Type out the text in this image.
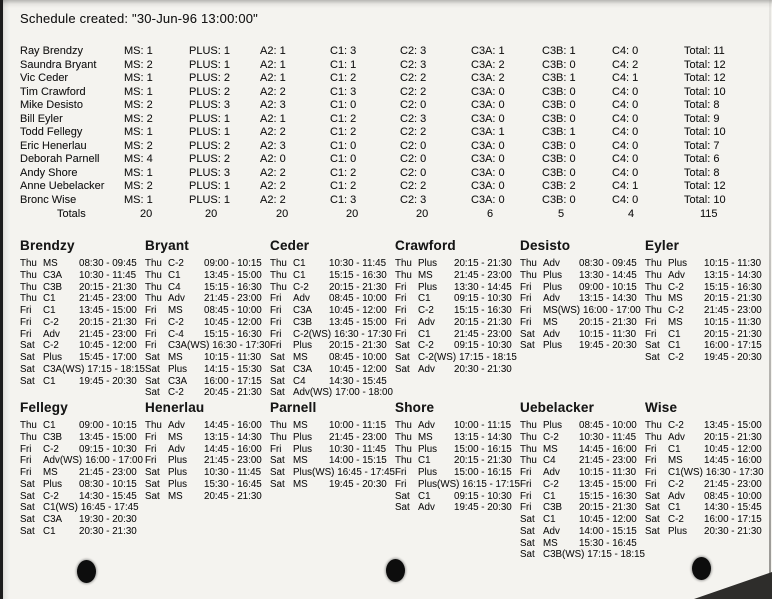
Schedule created: "30-Jun-96 13:00:00"
Ray Brendzy	MS: 1	PLUS: 1	A2: 1	C1: 3	C2: 3	C3A: 1	C3B: 1	C4: 0	Total: 11
Saundra Bryant	MS: 2	PLUS: 1	A2: 1	C1: 1	C2: 3	C3A: 2	C3B: 0	C4: 2	Total: 12
Vic Ceder	MS: 1	PLUS: 2	A2: 1	C1: 2	C2: 2	C3A: 2	C3B: 1	C4: 1	Total: 12
Tim Crawford	MS: 1	PLUS: 2	A2: 2	C1: 3	C2: 2	C3A: 0	C3B: 0	C4: 0	Total: 10
Mike Desisto	MS: 2	PLUS: 3	A2: 3	C1: 0	C2: 0	C3A: 0	C3B: 0	C4: 0	Total: 8
Bill Eyler	MS: 2	PLUS: 1	A2: 1	C1: 2	C2: 3	C3A: 0	C3B: 0	C4: 0	Total: 9
Todd Fellegy	MS: 1	PLUS: 1	A2: 2	C1: 2	C2: 2	C3A: 1	C3B: 1	C4: 0	Total: 10
Eric Henerlau	MS: 2	PLUS: 2	A2: 3	C1: 0	C2: 0	C3A: 0	C3B: 0	C4: 0	Total: 7
Deborah Parnell	MS: 4	PLUS: 2	A2: 0	C1: 0	C2: 0	C3A: 0	C3B: 0	C4: 0	Total: 6
Andy Shore	MS: 1	PLUS: 3	A2: 2	C1: 2	C2: 0	C3A: 0	C3B: 0	C4: 0	Total: 8
Anne Uebelacker	MS: 2	PLUS: 1	A2: 2	C1: 2	C2: 2	C3A: 0	C3B: 2	C4: 1	Total: 12
Bronc Wise	MS: 1	PLUS: 1	A2: 2	C1: 3	C2: 3	C3A: 0	C3B: 0	C4: 0	Total: 10
Totals	20	20	20	20	20	6	5	4	115
Brendzy
Thu MS	08:30 - 09:45
Thu C3A	10:30 - 11:45
Thu C3B	20:15 - 21:30
Thu C1	21:45 - 23:00
Fri	C1	13:45 - 15:00
Fri	C-2	20:15 - 21:30
Fri	Adv	21:45 - 23:00
Sat C-2	10:45 - 12:00
Sat Plus	15:45 - 17:00
Sat C3A(WS) 17:15 - 18:15
Sat C1	19:45 - 20:30
Bryant
Thu C-2	09:00 - 10:15
Thu C1	13:45 - 15:00
Thu C4	15:15 - 16:30
Thu Adv	21:45 - 23:00
Fri	MS	08:45 - 10:00
Fri	C-2	10:45 - 12:00
Fri	C-4	15:15 - 16:30
Fri	C3A(WS) 16:30 - 17:30
Sat MS	10:15 - 11:30
Sat Plus	14:15 - 15:30
Sat C3A	16:00 - 17:15
Sat C-2	20:45 - 21:30
Ceder
Thu C1	10:30 - 11:45
Thu C1	15:15 - 16:30
Thu C-2	20:15 - 21:30
Fri	Adv	08:45 - 10:00
Fri	C3A	10:45 - 12:00
Fri	C3B	13:45 - 15:00
Fri	C-2(WS) 16:30 - 17:30
Fri	Plus	20:15 - 21:30
Sat MS	08:45 - 10:00
Sat C3A	10:45 - 12:00
Sat C4	14:30 - 15:45
Sat Adv(WS) 17:00 - 18:00
Crawford
Thu Plus	20:15 - 21:30
Thu MS	21:45 - 23:00
Fri	Plus	13:30 - 14:45
Fri	C1	09:15 - 10:30
Fri	C-2	15:15 - 16:30
Fri	Adv	20:15 - 21:30
Fri	C1	21:45 - 23:00
Sat C-2	09:15 - 10:30
Sat C-2(WS) 17:15 - 18:15
Sat Adv	20:30 - 21:30
Desisto
Thu Adv	08:30 - 09:45
Thu Plus	13:30 - 14:45
Fri	Plus	09:00 - 10:15
Fri	Adv	13:15 - 14:30
Fri	MS(WS) 16:00 - 17:00
Fri	MS	20:15 - 21:30
Sat Adv	10:15 - 11:30
Sat Plus	19:45 - 20:30
Eyler
Thu Plus	10:15 - 11:30
Thu Adv	13:15 - 14:30
Thu C-2	15:15 - 16:30
Thu MS	20:15 - 21:30
Thu C-2	21:45 - 23:00
Fri	MS	10:15 - 11:30
Fri	C1	20:15 - 21:30
Sat C1	16:00 - 17:15
Sat C-2	19:45 - 20:30
Fellegy
Thu C1	09:00 - 10:15
Thu C3B	13:45 - 15:00
Fri	C-2	09:15 - 10:30
Fri	Adv(WS) 16:00 - 17:00
Fri	MS	21:45 - 23:00
Sat Plus	08:30 - 10:15
Sat C-2	14:30 - 15:45
Sat C1(WS) 16:45 - 17:45
Sat C3A	19:30 - 20:30
Sat C1	20:30 - 21:30
Henerlau
Thu Adv	14:45 - 16:00
Fri	MS	13:15 - 14:30
Fri	Adv	14:45 - 16:00
Fri	Plus	21:45 - 23:00
Sat Plus	10:30 - 11:45
Sat Plus	15:30 - 16:45
Sat MS	20:45 - 21:30
Parnell
Thu MS	10:00 - 11:15
Thu Plus	21:45 - 23:00
Fri	Plus	10:30 - 11:45
Sat MS	14:00 - 15:15
Sat Plus(WS) 16:45 - 17:45
Sat MS	19:45 - 20:30
Shore
Thu Adv	10:00 - 11:15
Thu MS	13:15 - 14:30
Thu Plus	15:00 - 16:15
Thu C1	20:15 - 21:30
Fri	Plus	15:00 - 16:15
Fri	Plus(WS) 16:15 - 17:15
Sat C1	09:15 - 10:30
Sat Adv	19:45 - 20:30
Uebelacker
Thu Plus	08:45 - 10:00
Thu C-2	10:30 - 11:45
Thu MS	14:45 - 16:00
Thu C4	21:45 - 23:00
Fri	Adv	10:15 - 11:30
Fri	C-2	13:45 - 15:00
Fri	C1	15:15 - 16:30
Fri	C3B	20:15 - 21:30
Sat C1	10:45 - 12:00
Sat Adv	14:00 - 15:15
Sat MS	15:30 - 16:45
Sat C3B(WS) 17:15 - 18:15
Wise
Thu C-2	13:45 - 15:00
Thu Adv	20:15 - 21:30
Fri	C1	10:45 - 12:00
Fri	MS	14:45 - 16:00
Fri	C1(WS) 16:30 - 17:30
Fri	C-2	21:45 - 23:00
Sat Adv	08:45 - 10:00
Sat C1	14:30 - 15:45
Sat C-2	16:00 - 17:15
Sat Plus	20:30 - 21:30
